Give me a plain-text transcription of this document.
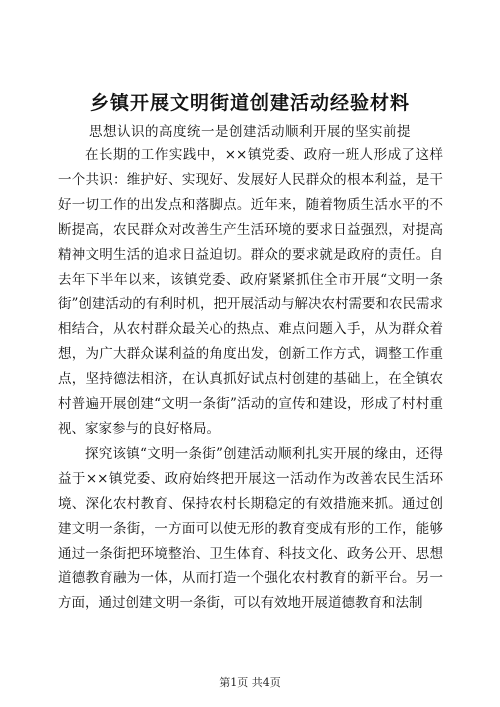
乡镇开展文明街道创建活动经验材料
思想认识的高度统一是创建活动顺利开展的坚实前提

在长期的工作实践中，××镇党委、政府一班人形成了这样一个共识：维护好、实现好、发展好人民群众的根本利益，是干好一切工作的出发点和落脚点。近年来，随着物质生活水平的不断提高，农民群众对改善生产生活环境的要求日益强烈，对提高精神文明生活的追求日益迫切。群众的要求就是政府的责任。自去年下半年以来，该镇党委、政府紧紧抓住全市开展“文明一条街”创建活动的有利时机，把开展活动与解决农村需要和农民需求相结合，从农村群众最关心的热点、难点问题入手，从为群众着想，为广大群众谋利益的角度出发，创新工作方式，调整工作重点，坚持德法相济，在认真抓好试点村创建的基础上，在全镇农村普遍开展创建“文明一条街”活动的宣传和建设，形成了村村重视、家家参与的良好格局。

探究该镇“文明一条街”创建活动顺利扎实开展的缘由，还得益于××镇党委、政府始终把开展这一活动作为改善农民生活环境、深化农村教育、保持农村长期稳定的有效措施来抓。通过创建文明一条街，一方面可以使无形的教育变成有形的工作，能够通过一条街把环境整治、卫生体育、科技文化、政务公开、思想道德教育融为一体，从而打造一个强化农村教育的新平台。另一方面，通过创建文明一条街，可以有效地开展道德教育和法制

第1页 共4页
